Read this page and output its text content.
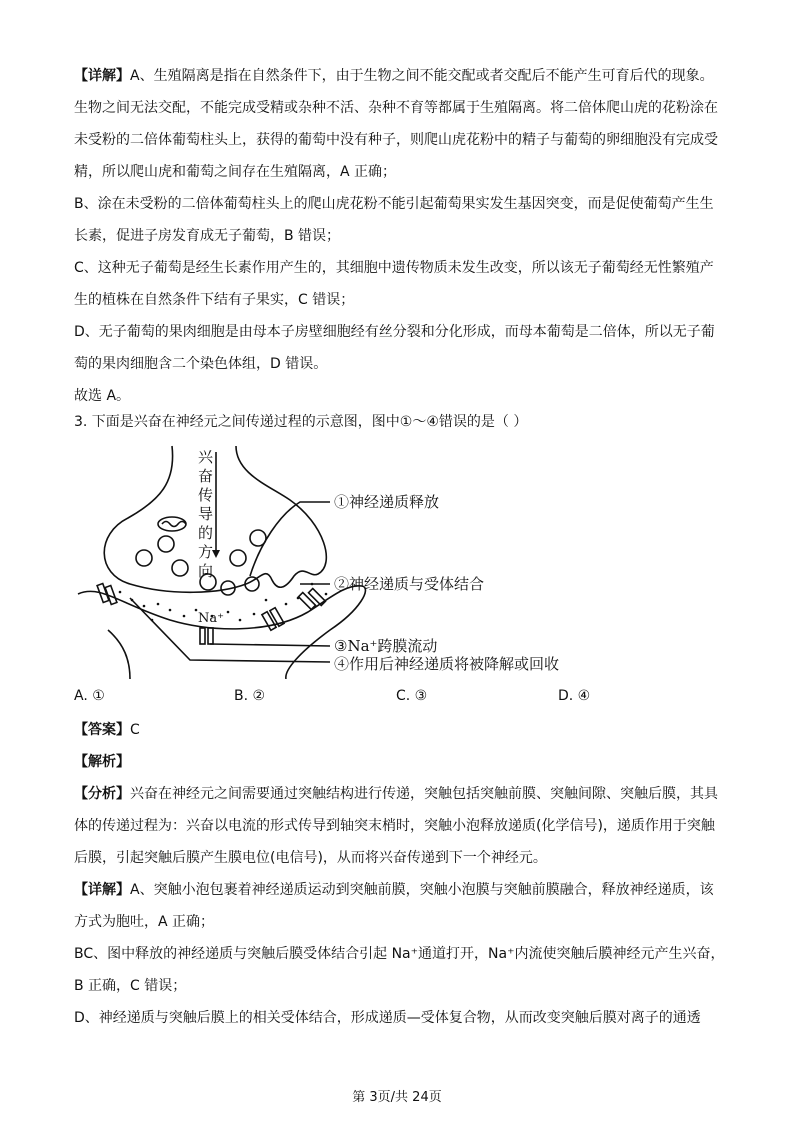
【详解】A、生殖隔离是指在自然条件下，由于生物之间不能交配或者交配后不能产生可育后代的现象。
生物之间无法交配，不能完成受精或杂种不活、杂种不育等都属于生殖隔离。将二倍体爬山虎的花粉涂在
未受粉的二倍体葡萄柱头上，获得的葡萄中没有种子，则爬山虎花粉中的精子与葡萄的卵细胞没有完成受
精，所以爬山虎和葡萄之间存在生殖隔离，A 正确；
B、涂在未受粉的二倍体葡萄柱头上的爬山虎花粉不能引起葡萄果实发生基因突变，而是促使葡萄产生生
长素，促进子房发育成无子葡萄，B 错误；
C、这种无子葡萄是经生长素作用产生的，其细胞中遗传物质未发生改变，所以该无子葡萄经无性繁殖产
生的植株在自然条件下结有子果实，C 错误；
D、无子葡萄的果肉细胞是由母本子房壁细胞经有丝分裂和分化形成，而母本葡萄是二倍体，所以无子葡
萄的果肉细胞含二个染色体组，D 错误。
故选 A。
3. 下面是兴奋在神经元之间传递过程的示意图，图中①～④错误的是（ ）
兴
奋
传
导
的
方
向
Na⁺
①神经递质释放
②神经递质与受体结合
③Na⁺跨膜流动
④作用后神经递质将被降解或回收
A. ①	B. ②	C. ③	D. ④
【答案】C
【解析】
【分析】兴奋在神经元之间需要通过突触结构进行传递，突触包括突触前膜、突触间隙、突触后膜，其具
体的传递过程为：兴奋以电流的形式传导到轴突末梢时，突触小泡释放递质(化学信号)，递质作用于突触
后膜，引起突触后膜产生膜电位(电信号)，从而将兴奋传递到下一个神经元。
【详解】A、突触小泡包裹着神经递质运动到突触前膜，突触小泡膜与突触前膜融合，释放神经递质，该
方式为胞吐，A 正确；
BC、图中释放的神经递质与突触后膜受体结合引起 Na⁺通道打开，Na⁺内流使突触后膜神经元产生兴奋，
B 正确，C 错误；
D、神经递质与突触后膜上的相关受体结合，形成递质—受体复合物，从而改变突触后膜对离子的通透
第 3页/共 24页
